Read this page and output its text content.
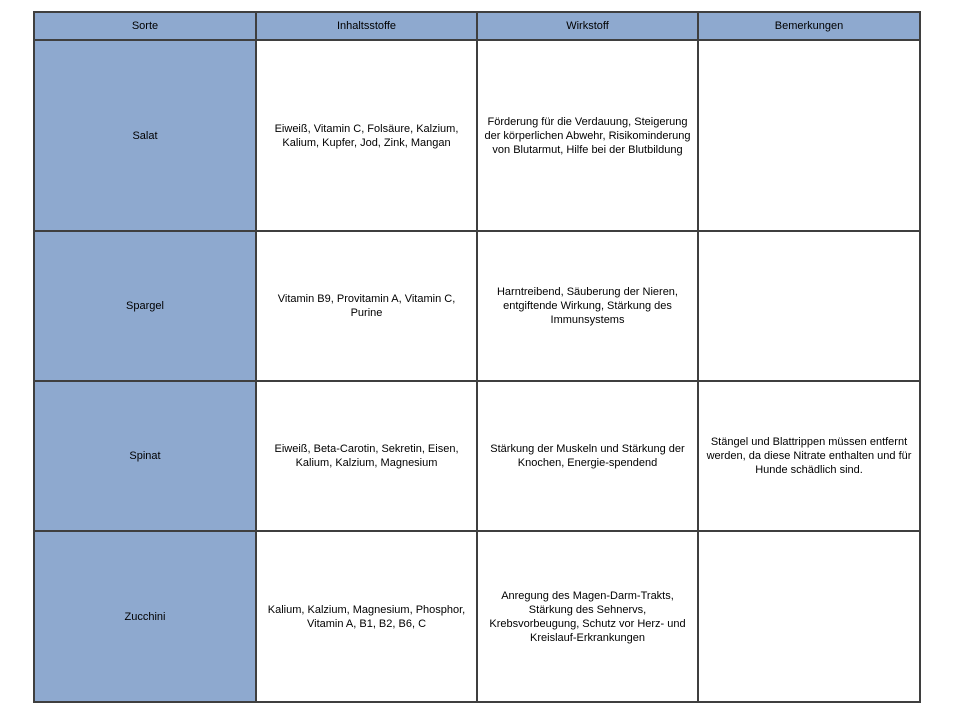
Sorte	Inhaltsstoffe	Wirkstoff	Bemerkungen
Salat	Eiweiß, Vitamin C, Folsäure, Kalzium, Kalium, Kupfer, Jod, Zink, Mangan	Förderung für die Verdauung, Steigerung der körperlichen Abwehr, Risikominderung von Blutarmut, Hilfe bei der Blutbildung	
Spargel	Vitamin B9, Provitamin A, Vitamin C, Purine	Harntreibend, Säuberung der Nieren, entgiftende Wirkung, Stärkung des Immunsystems	
Spinat	Eiweiß, Beta-Carotin, Sekretin, Eisen, Kalium, Kalzium, Magnesium	Stärkung der Muskeln und Stärkung der Knochen, Energie-spendend	Stängel und Blattrippen müssen entfernt werden, da diese Nitrate enthalten und für Hunde schädlich sind.
Zucchini	Kalium, Kalzium, Magnesium, Phosphor, Vitamin A, B1, B2, B6, C	Anregung des Magen-Darm-Trakts, Stärkung des Sehnervs, Krebsvorbeugung, Schutz vor Herz- und Kreislauf-Erkrankungen	
